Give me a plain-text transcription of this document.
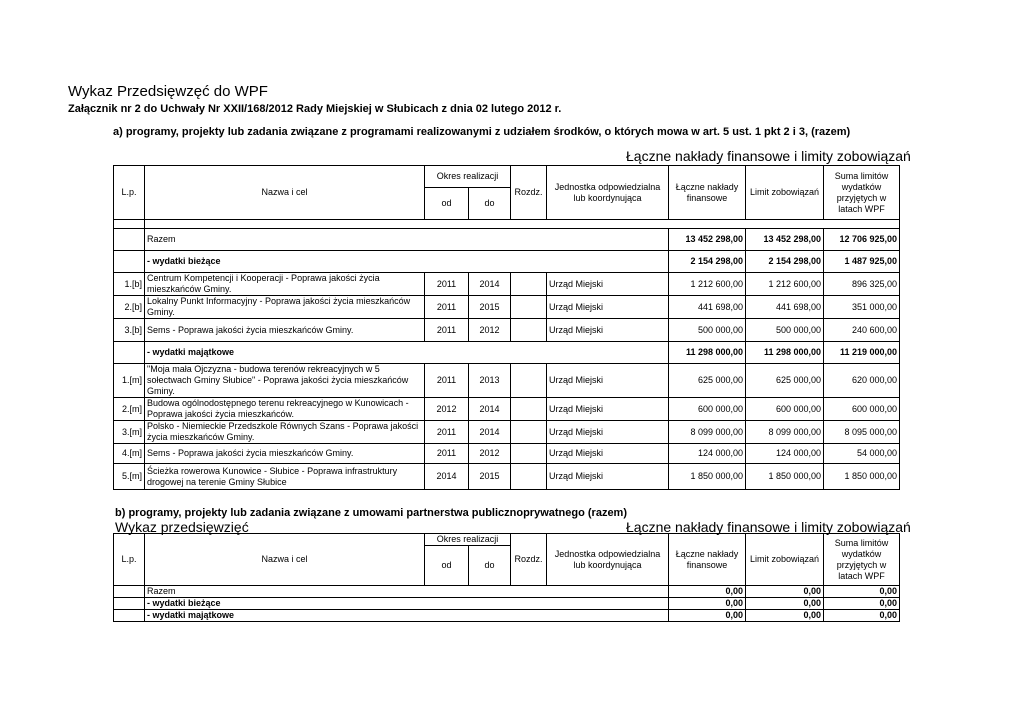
Wykaz Przedsięwzęć do WPF
Załącznik nr 2 do Uchwały Nr XXII/168/2012 Rady Miejskiej w Słubicach z dnia 02 lutego 2012 r.
a) programy, projekty lub zadania związane z programami realizowanymi z udziałem środków, o których mowa w art. 5 ust. 1 pkt 2 i 3, (razem)
Łączne nakłady finansowe i limity zobowiązań
L.p.	Nazwa i cel	Okres realizacji		Rozdz.	Jednostka odpowiedzialna lub koordynująca	Łączne nakłady finansowe	Limit zobowiązań	Suma limitów wydatków przyjętych w latach WPF
		od	do					

	Razem					13 452 298,00	13 452 298,00	12 706 925,00
	- wydatki bieżące					2 154 298,00	2 154 298,00	1 487 925,00
1.[b]	Centrum Kompetencji i Kooperacji - Poprawa jakości życia mieszkańców Gminy.	2011	2014		Urząd Miejski	1 212 600,00	1 212 600,00	896 325,00
2.[b]	Lokalny Punkt Informacyjny - Poprawa jakości życia mieszkańców Gminy.	2011	2015		Urząd Miejski	441 698,00	441 698,00	351 000,00
3.[b]	Sems - Poprawa jakości życia mieszkańców Gminy.	2011	2012		Urząd Miejski	500 000,00	500 000,00	240 600,00
	- wydatki majątkowe					11 298 000,00	11 298 000,00	11 219 000,00
1.[m]	"Moja mała Ojczyzna - budowa terenów rekreacyjnych w 5 sołectwach Gminy Słubice" - Poprawa jakości życia mieszkańców Gminy.	2011	2013		Urząd Miejski	625 000,00	625 000,00	620 000,00
2.[m]	Budowa ogólnodostępnego terenu rekreacyjnego w Kunowicach - Poprawa jakości życia mieszkańców.	2012	2014		Urząd Miejski	600 000,00	600 000,00	600 000,00
3.[m]	Polsko - Niemieckie Przedszkole Równych Szans - Poprawa jakości życia mieszkańców Gminy.	2011	2014		Urząd Miejski	8 099 000,00	8 099 000,00	8 095 000,00
4.[m]	Sems - Poprawa jakości życia mieszkańców Gminy.	2011	2012		Urząd Miejski	124 000,00	124 000,00	54 000,00
5.[m]	Ścieżka rowerowa Kunowice - Słubice - Poprawa infrastruktury drogowej na terenie Gminy Słubice	2014	2015		Urząd Miejski	1 850 000,00	1 850 000,00	1 850 000,00
b) programy, projekty lub zadania związane z umowami partnerstwa publicznoprywatnego (razem)
Wykaz przedsięwzięć	Łączne nakłady finansowe i limity zobowiązań
L.p.	Nazwa i cel	Okres realizacji		Rozdz.	Jednostka odpowiedzialna lub koordynująca	Łączne nakłady finansowe	Limit zobowiązań	Suma limitów wydatków przyjętych w latach WPF
		od	do					
	Razem					0,00	0,00	0,00
	- wydatki bieżące					0,00	0,00	0,00
	- wydatki majątkowe					0,00	0,00	0,00
